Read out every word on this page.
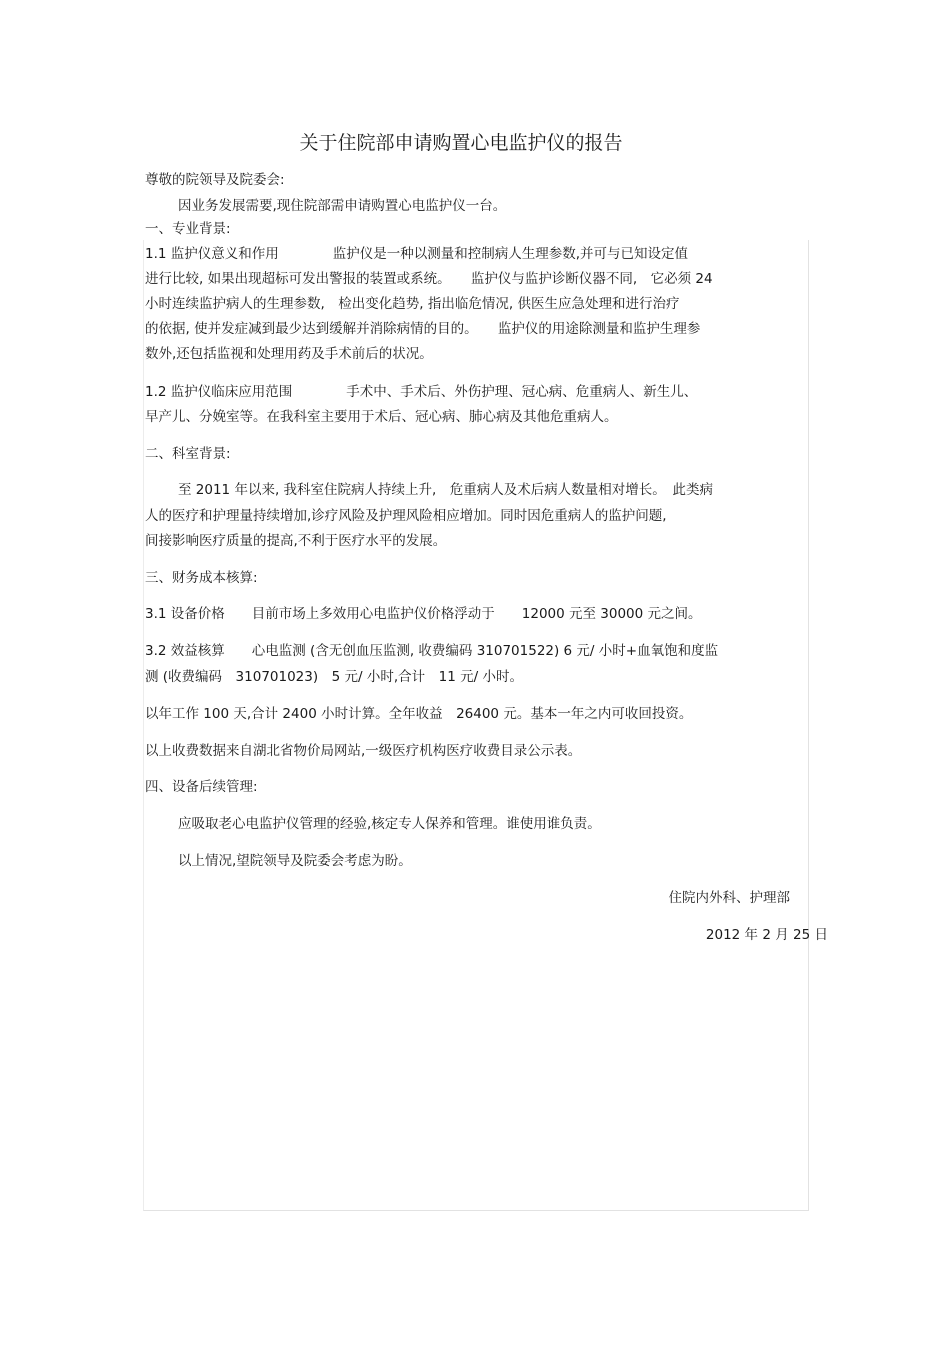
关于住院部申请购置心电监护仪的报告
尊敬的院领导及院委会:
因业务发展需要,现住院部需申请购置心电监护仪一台。
一、专业背景:
1.1 监护仪意义和作用　　　　监护仪是一种以测量和控制病人生理参数,并可与已知设定值
进行比较, 如果出现超标可发出警报的装置或系统。　　监护仪与监护诊断仪器不同,　它必须 24
小时连续监护病人的生理参数,　检出变化趋势, 指出临危情况, 供医生应急处理和进行治疗
的依据, 使并发症减到最少达到缓解并消除病情的目的。　　监护仪的用途除测量和监护生理参
数外,还包括监视和处理用药及手术前后的状况。
1.2 监护仪临床应用范围　　　　手术中、手术后、外伤护理、冠心病、危重病人、新生儿、
早产儿、分娩室等。在我科室主要用于术后、冠心病、肺心病及其他危重病人。
二、科室背景:
至 2011 年以来, 我科室住院病人持续上升,　危重病人及术后病人数量相对增长。　此类病
人的医疗和护理量持续增加,诊疗风险及护理风险相应增加。同时因危重病人的监护问题,
间接影响医疗质量的提高,不利于医疗水平的发展。
三、财务成本核算:
3.1 设备价格　　目前市场上多效用心电监护仪价格浮动于　　12000 元至 30000 元之间。
3.2 效益核算　　心电监测 (含无创血压监测, 收费编码 310701522) 6 元/ 小时+血氧饱和度监
测 (收费编码　310701023)　5 元/ 小时,合计　11 元/ 小时。
以年工作 100 天,合计 2400 小时计算。全年收益　26400 元。基本一年之内可收回投资。
以上收费数据来自湖北省物价局网站,一级医疗机构医疗收费目录公示表。
四、设备后续管理:
应吸取老心电监护仪管理的经验,核定专人保养和管理。谁使用谁负责。
以上情况,望院领导及院委会考虑为盼。
住院内外科、护理部
2012 年 2 月 25 日
